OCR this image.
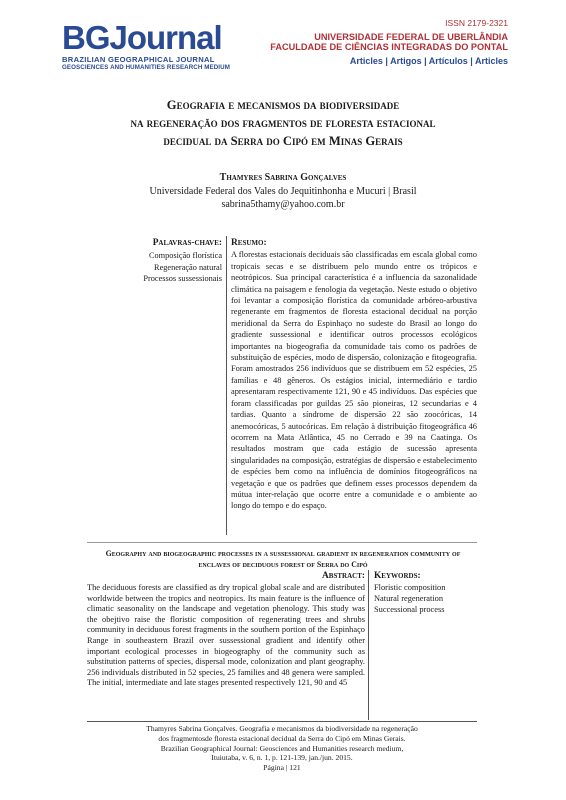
BGJournal
BRAZILIAN GEOGRAPHICAL JOURNAL
GEOSCIENCES AND HUMANITIES RESEARCH MEDIUM
ISSN 2179-2321
UNIVERSIDADE FEDERAL DE UBERLÂNDIA
FACULDADE DE CIÊNCIAS INTEGRADAS DO PONTAL
Articles | Artigos | Artículos | Articles
Geografia e mecanismos da biodiversidade
na regeneração dos fragmentos de floresta estacional
decidual da Serra do Cipó em Minas Gerais
Thamyres Sabrina Gonçalves
Universidade Federal dos Vales do Jequitinhonha e Mucuri | Brasil
sabrina5thamy@yahoo.com.br
Palavras-chave:
Composição florística
Regeneração natural
Processos sussessionais
Resumo:
A florestas estacionais deciduais são classificadas em escala global como tropicais secas e se distribuem pelo mundo entre os trópicos e neotrópicos. Sua principal característica é a influencia da sazonalidade climática na paisagem e fenologia da vegetação. Neste estudo o objetivo foi levantar a composição florística da comunidade arbóreo-arbustiva regenerante em fragmentos de floresta estacional decidual na porção meridional da Serra do Espinhaço no sudeste do Brasil ao longo do gradiente sussessional e identificar outros processos ecológicos importantes na biogeografia da comunidade tais como os padrões de substituição de espécies, modo de dispersão, colonização e fitogeografia. Foram amostrados 256 indivíduos que se distribuem em 52 espécies, 25 famílias e 48 gêneros. Os estágios inicial, intermediário e tardio apresentaram respectivamente 121, 90 e 45 indivíduos. Das espécies que foram classificadas por guildas 25 são pioneiras, 12 secundarias e 4 tardias. Quanto a síndrome de dispersão 22 são zoocóricas, 14 anemocóricas, 5 autocóricas. Em relação à distribuição fitogeográfica 46 ocorrem na Mata Atlântica, 45 no Cerrado e 39 na Caatinga. Os resultados mostram que cada estágio de sucessão apresenta singularidades na composição, estratégias de dispersão e estabelecimento de espécies bem como na influência de domínios fitogeográficos na vegetação e que os padrões que definem esses processos dependem da mútua inter-relação que ocorre entre a comunidade e o ambiente ao longo do tempo e do espaço.
Geography and biogeographic processes in a sussessional gradient in regeneration community of enclaves of deciduous forest of Serra do Cipó
Abstract:
The deciduous forests are classified as dry tropical global scale and are distributed worldwide between the tropics and neotropics. Its main feature is the influence of climatic seasonality on the landscape and vegetation phenology. This study was the obejtivo raise the floristic composition of regenerating trees and shrubs community in deciduous forest fragments in the southern portion of the Espinhaço Range in southeastern Brazil over sussessional gradient and identify other important ecological processes in biogeography of the community such as substitution patterns of species, dispersal mode, colonization and plant geography. 256 individuals distributed in 52 species, 25 families and 48 genera were sampled. The initial, intermediate and late stages presented respectively 121, 90 and 45
Keywords:
Floristic composition
Natural regeneration
Successional process
Thamyres Sabrina Gonçalves. Geografia e mecanismos da biodiversidade na regeneração
dos fragmentosde floresta estacional decidual da Serra do Cipó em Minas Gerais.
Brazilian Geographical Journal: Geosciences and Humanities research medium,
Ituiutaba, v. 6, n. 1, p. 121-139, jan./jun. 2015.
Página | 121
